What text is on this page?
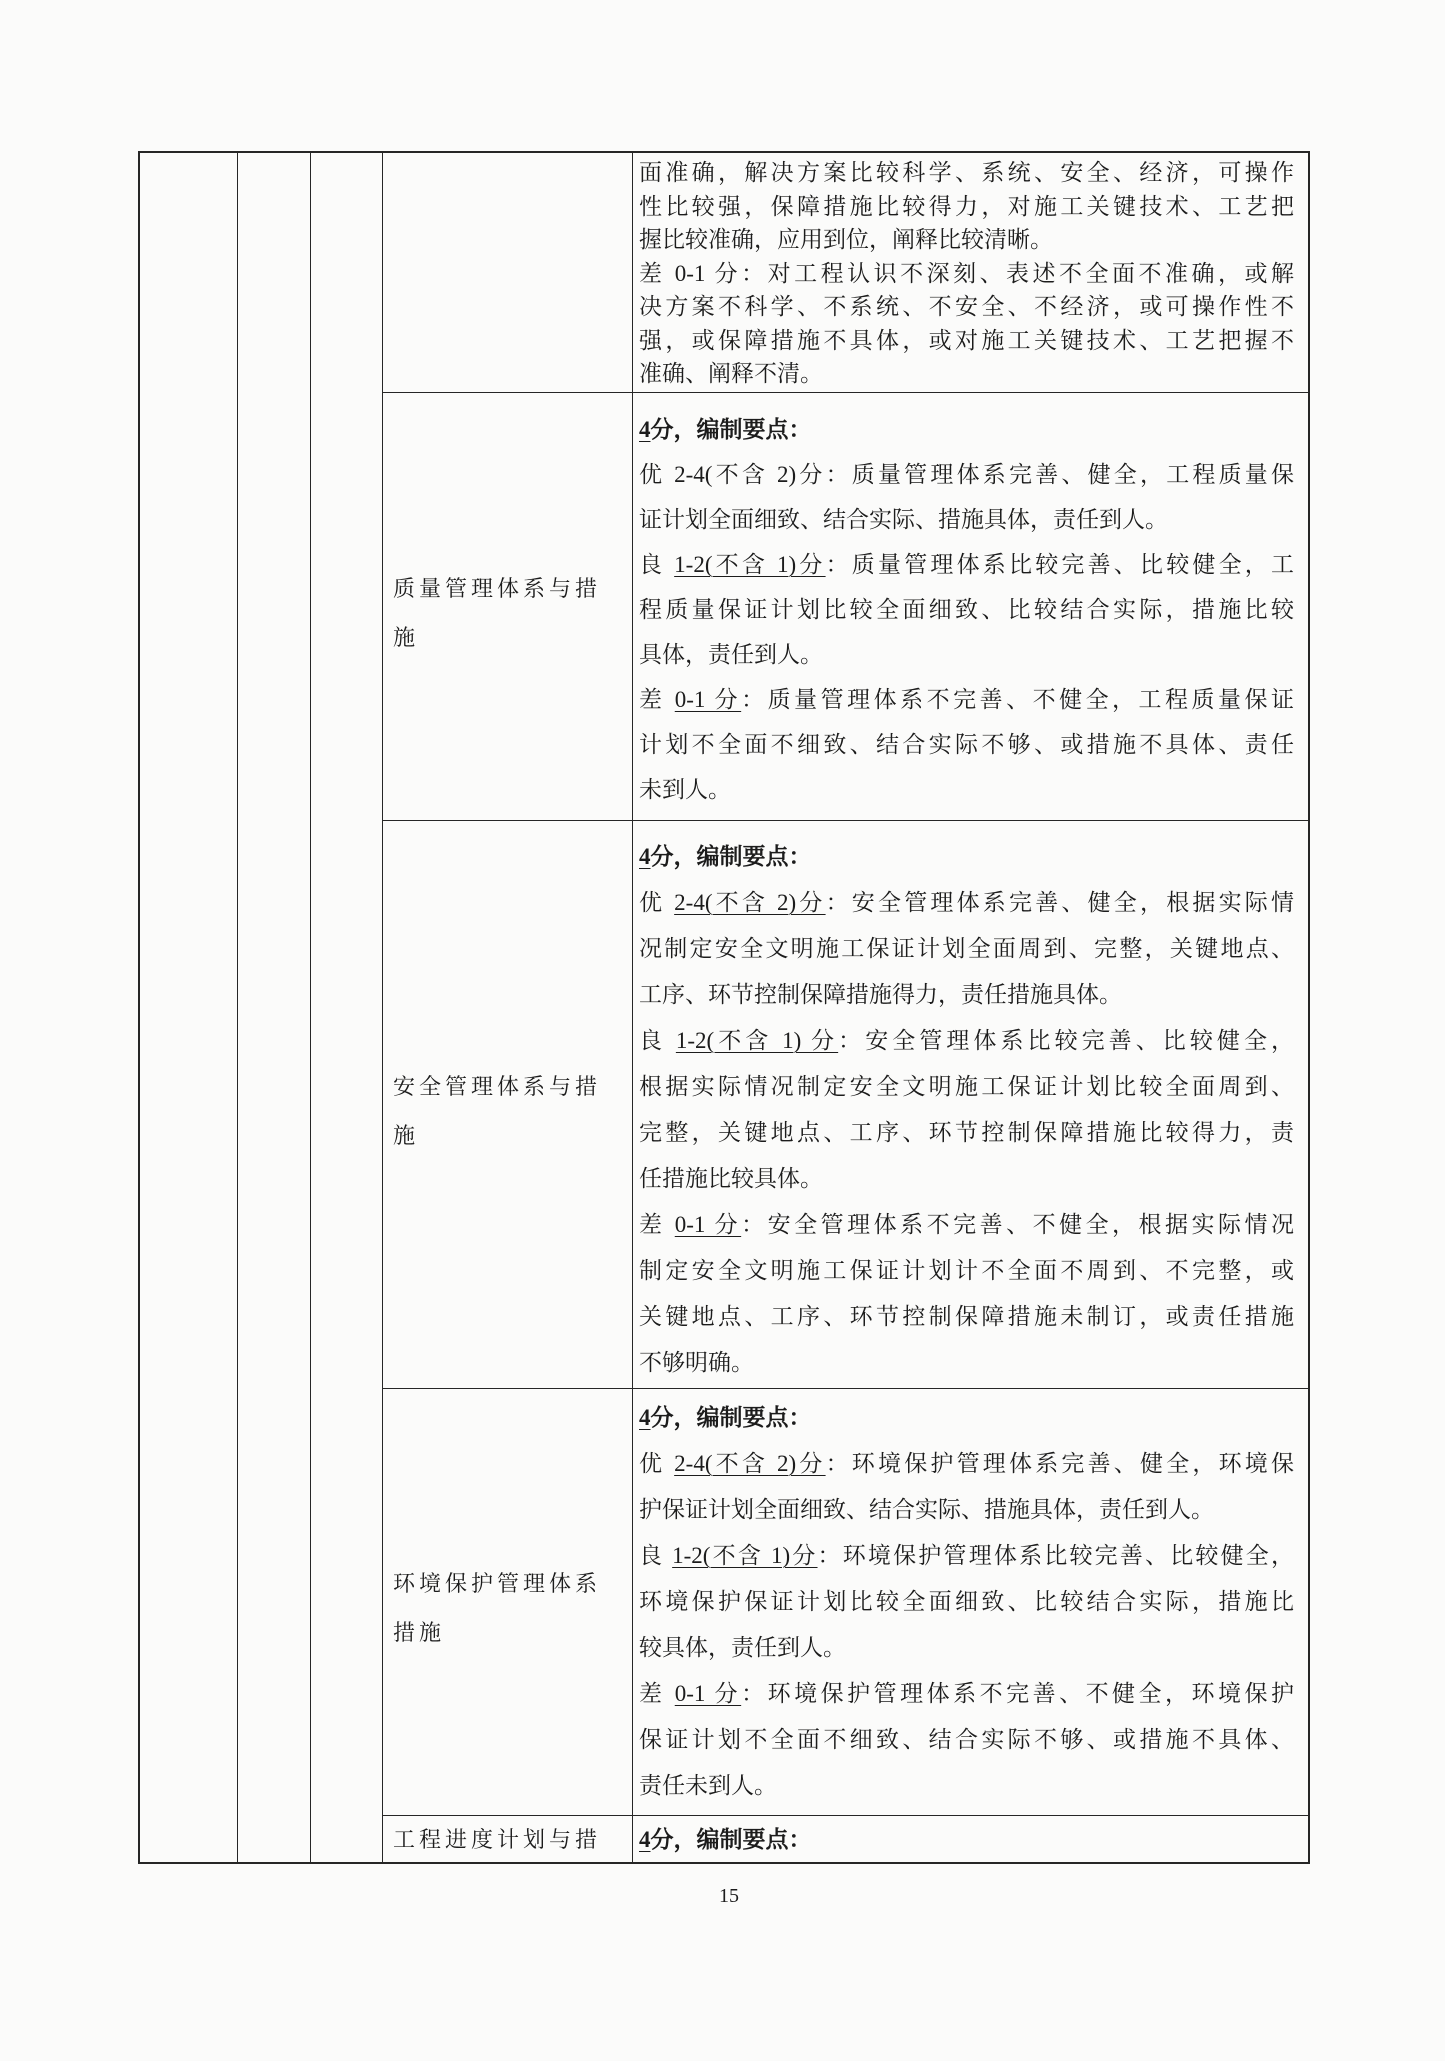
面准确，解决方案比较科学、系统、安全、经济，可操作
性比较强，保障措施比较得力，对施工关键技术、工艺把
握比较准确，应用到位，阐释比较清晰。
差 0-1 分：对工程认识不深刻、表述不全面不准确，或解
决方案不科学、不系统、不安全、不经济，或可操作性不
强，或保障措施不具体，或对施工关键技术、工艺把握不
准确、阐释不清。
质量管理体系与措
施
4分，编制要点：
优 2-4(不含 2)分：质量管理体系完善、健全，工程质量保
证计划全面细致、结合实际、措施具体，责任到人。
良 1-2(不含 1)分：质量管理体系比较完善、比较健全，工
程质量保证计划比较全面细致、比较结合实际，措施比较
具体，责任到人。
差 0-1 分：质量管理体系不完善、不健全，工程质量保证
计划不全面不细致、结合实际不够、或措施不具体、责任
未到人。
安全管理体系与措
施
4分，编制要点：
优 2-4(不含 2)分：安全管理体系完善、健全，根据实际情
况制定安全文明施工保证计划全面周到、完整，关键地点、
工序、环节控制保障措施得力，责任措施具体。
良 1-2(不含 1) 分：安全管理体系比较完善、比较健全，
根据实际情况制定安全文明施工保证计划比较全面周到、
完整，关键地点、工序、环节控制保障措施比较得力，责
任措施比较具体。
差 0-1 分：安全管理体系不完善、不健全，根据实际情况
制定安全文明施工保证计划计不全面不周到、不完整，或
关键地点、工序、环节控制保障措施未制订，或责任措施
不够明确。
环境保护管理体系
措施
4分，编制要点：
优 2-4(不含 2)分：环境保护管理体系完善、健全，环境保
护保证计划全面细致、结合实际、措施具体，责任到人。
良 1-2(不含 1)分：环境保护管理体系比较完善、比较健全，
环境保护保证计划比较全面细致、比较结合实际，措施比
较具体，责任到人。
差 0-1 分：环境保护管理体系不完善、不健全，环境保护
保证计划不全面不细致、结合实际不够、或措施不具体、
责任未到人。
工程进度计划与措	4分，编制要点：
15
